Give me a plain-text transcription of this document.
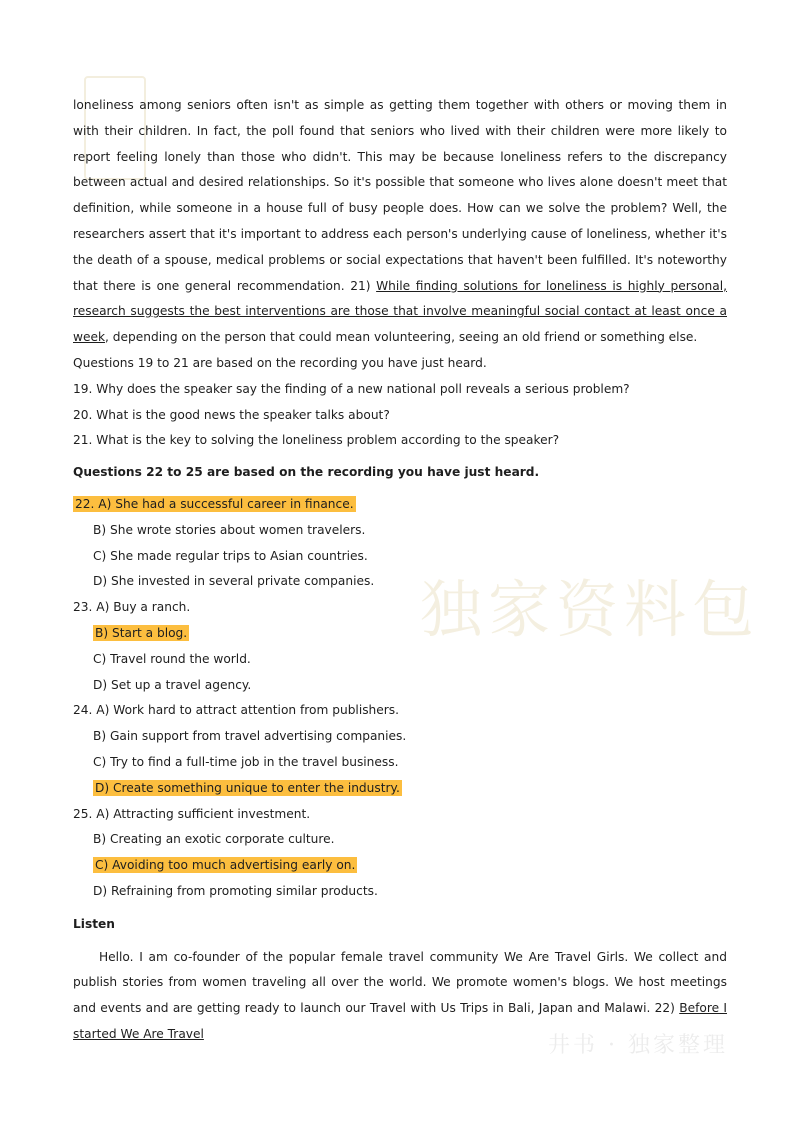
独家资料包
井书 · 独家整理

loneliness among seniors often isn't as simple as getting them together with others or moving them in with their children. In fact, the poll found that seniors who lived with their children were more likely to report feeling lonely than those who didn't. This may be because loneliness refers to the discrepancy between actual and desired relationships. So it's possible that someone who lives alone doesn't meet that definition, while someone in a house full of busy people does. How can we solve the problem? Well, the researchers assert that it's important to address each person's underlying cause of loneliness, whether it's the death of a spouse, medical problems or social expectations that haven't been fulfilled. It's noteworthy that there is one general recommendation. 21) While finding solutions for loneliness is highly personal, research suggests the best interventions are those that involve meaningful social contact at least once a week, depending on the person that could mean volunteering, seeing an old friend or something else.

Questions 19 to 21 are based on the recording you have just heard.

19. Why does the speaker say the finding of a new national poll reveals a serious problem?

20. What is the good news the speaker talks about?

21. What is the key to solving the loneliness problem according to the speaker?

Questions 22 to 25 are based on the recording you have just heard.

22. A) She had a successful career in finance.

B) She wrote stories about women travelers.

C) She made regular trips to Asian countries.

D) She invested in several private companies.

23. A) Buy a ranch.

B) Start a blog.

C) Travel round the world.

D) Set up a travel agency.

24. A) Work hard to attract attention from publishers.

B) Gain support from travel advertising companies.

C) Try to find a full-time job in the travel business.

D) Create something unique to enter the industry.

25. A) Attracting sufficient investment.

B) Creating an exotic corporate culture.

C) Avoiding too much advertising early on.

D) Refraining from promoting similar products.

Listen

Hello. I am co-founder of the popular female travel community We Are Travel Girls. We collect and publish stories from women traveling all over the world. We promote women's blogs. We host meetings and events and are getting ready to launch our Travel with Us Trips in Bali, Japan and Malawi. 22) Before I started We Are Travel
